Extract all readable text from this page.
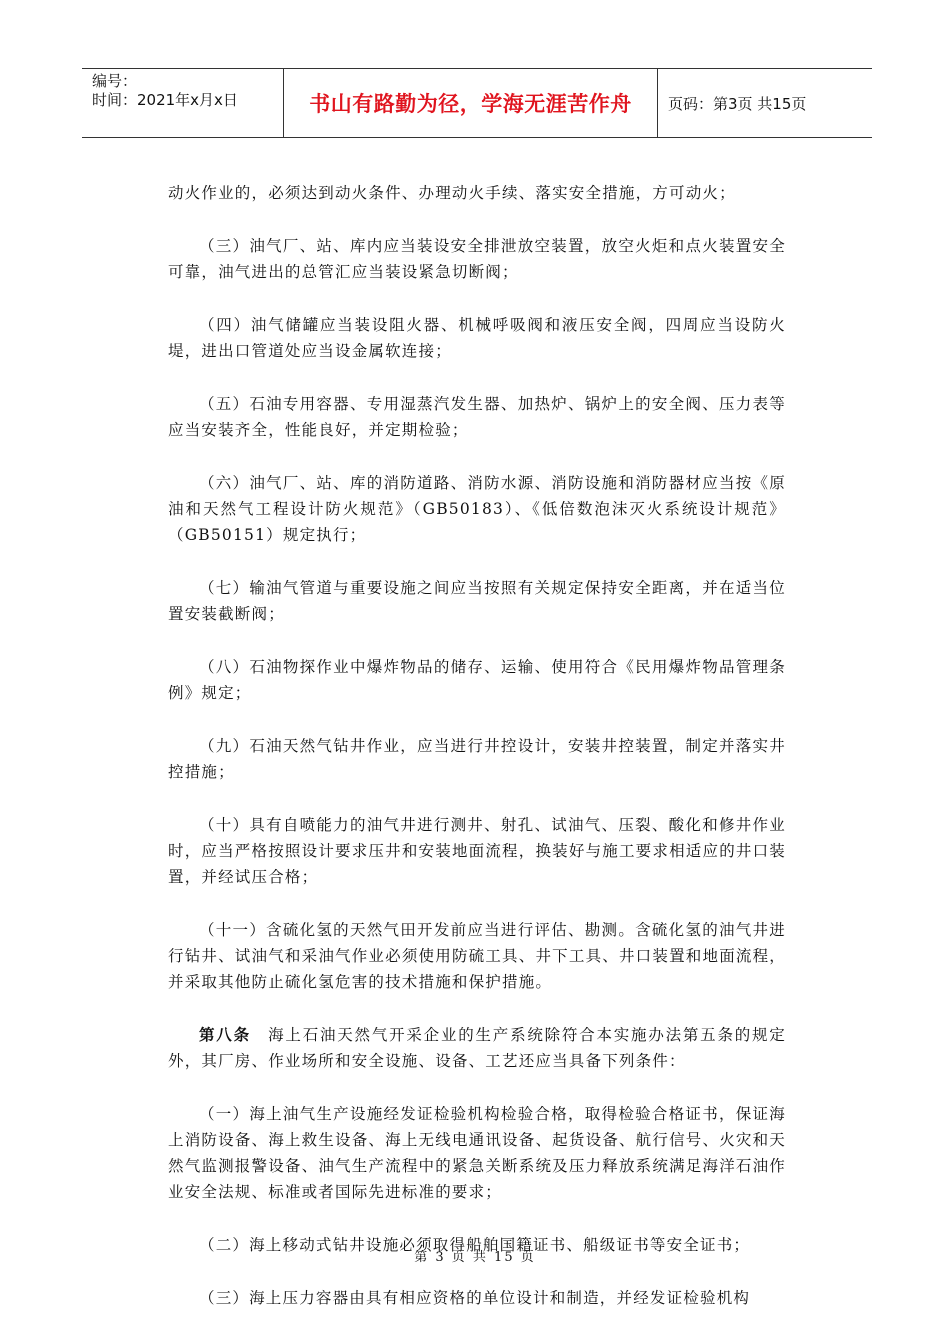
编号：
时间：2021年x月x日	书山有路勤为径，学海无涯苦作舟 页码：第3页 共15页

动火作业的，必须达到动火条件、办理动火手续、落实安全措施，方可动火；

（三）油气厂、站、库内应当装设安全排泄放空装置，放空火炬和点火装置安全可靠，油气进出的总管汇应当装设紧急切断阀；

（四）油气储罐应当装设阻火器、机械呼吸阀和液压安全阀，四周应当设防火堤，进出口管道处应当设金属软连接；

（五）石油专用容器、专用湿蒸汽发生器、加热炉、锅炉上的安全阀、压力表等应当安装齐全，性能良好，并定期检验；

（六）油气厂、站、库的消防道路、消防水源、消防设施和消防器材应当按《原油和天然气工程设计防火规范》（GB50183）、《低倍数泡沫灭火系统设计规范》（GB50151）规定执行；

（七）输油气管道与重要设施之间应当按照有关规定保持安全距离，并在适当位置安装截断阀；

（八）石油物探作业中爆炸物品的储存、运输、使用符合《民用爆炸物品管理条例》规定；

（九）石油天然气钻井作业，应当进行井控设计，安装井控装置，制定并落实井控措施；

（十）具有自喷能力的油气井进行测井、射孔、试油气、压裂、酸化和修井作业时，应当严格按照设计要求压井和安装地面流程，换装好与施工要求相适应的井口装置，并经试压合格；

（十一）含硫化氢的天然气田开发前应当进行评估、勘测。含硫化氢的油气井进行钻井、试油气和采油气作业必须使用防硫工具、井下工具、井口装置和地面流程，并采取其他防止硫化氢危害的技术措施和保护措施。

第八条　海上石油天然气开采企业的生产系统除符合本实施办法第五条的规定外，其厂房、作业场所和安全设施、设备、工艺还应当具备下列条件：

（一）海上油气生产设施经发证检验机构检验合格，取得检验合格证书，保证海上消防设备、海上救生设备、海上无线电通讯设备、起货设备、航行信号、火灾和天然气监测报警设备、油气生产流程中的紧急关断系统及压力释放系统满足海洋石油作业安全法规、标准或者国际先进标准的要求；

（二）海上移动式钻井设施必须取得船舶国籍证书、船级证书等安全证书；

（三）海上压力容器由具有相应资格的单位设计和制造，并经发证检验机构

第 3 页 共 15 页
